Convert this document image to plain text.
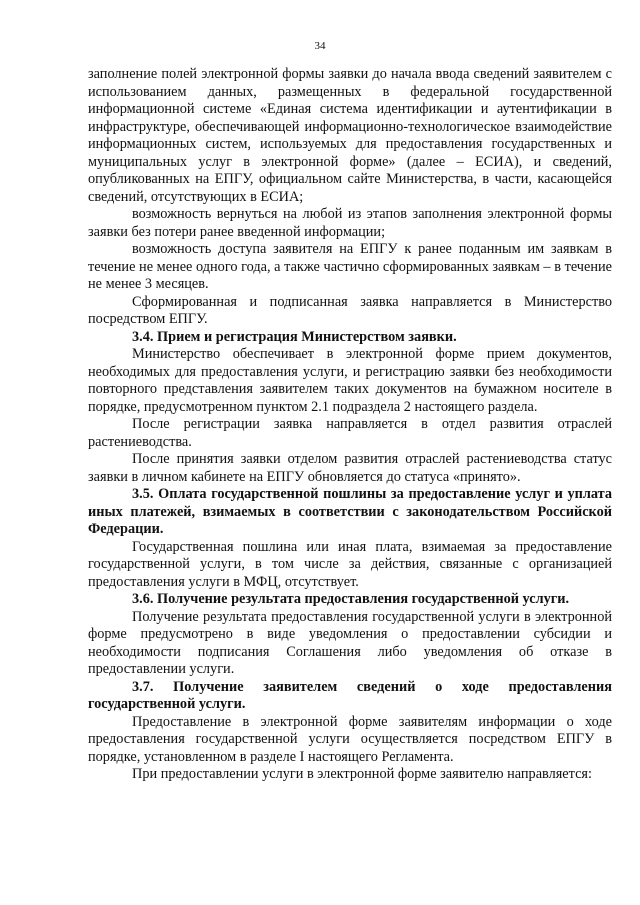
34

заполнение полей электронной формы заявки до начала ввода сведений заявителем с использованием данных, размещенных в федеральной государственной информационной системе «Единая система идентификации и аутентификации в инфраструктуре, обеспечивающей информационно-технологическое взаимодействие информационных систем, используемых для предоставления государственных и муниципальных услуг в электронной форме» (далее – ЕСИА), и сведений, опубликованных на ЕПГУ, официальном сайте Министерства, в части, касающейся сведений, отсутствующих в ЕСИА;

возможность вернуться на любой из этапов заполнения электронной формы заявки без потери ранее введенной информации;

возможность доступа заявителя на ЕПГУ к ранее поданным им заявкам в течение не менее одного года, а также частично сформированных заявкам – в течение не менее 3 месяцев.

Сформированная и подписанная заявка направляется в Министерство посредством ЕПГУ.

3.4. Прием и регистрация Министерством заявки.

Министерство обеспечивает в электронной форме прием документов, необходимых для предоставления услуги, и регистрацию заявки без необходимости повторного представления заявителем таких документов на бумажном носителе в порядке, предусмотренном пунктом 2.1 подраздела 2 настоящего раздела.

После регистрации заявка направляется в отдел развития отраслей растениеводства.

После принятия заявки отделом развития отраслей растениеводства статус заявки в личном кабинете на ЕПГУ обновляется до статуса «принято».

3.5. Оплата государственной пошлины за предоставление услуг и уплата иных платежей, взимаемых в соответствии с законодательством Российской Федерации.

Государственная пошлина или иная плата, взимаемая за предоставление государственной услуги, в том числе за действия, связанные с организацией предоставления услуги в МФЦ, отсутствует.

3.6. Получение результата предоставления государственной услуги.

Получение результата предоставления государственной услуги в электронной форме предусмотрено в виде уведомления о предоставлении субсидии и необходимости подписания Соглашения либо уведомления об отказе в предоставлении услуги.

3.7. Получение заявителем сведений о ходе предоставления государственной услуги.

Предоставление в электронной форме заявителям информации о ходе предоставления государственной услуги осуществляется посредством ЕПГУ в порядке, установленном в разделе I настоящего Регламента.

При предоставлении услуги в электронной форме заявителю направляется:
